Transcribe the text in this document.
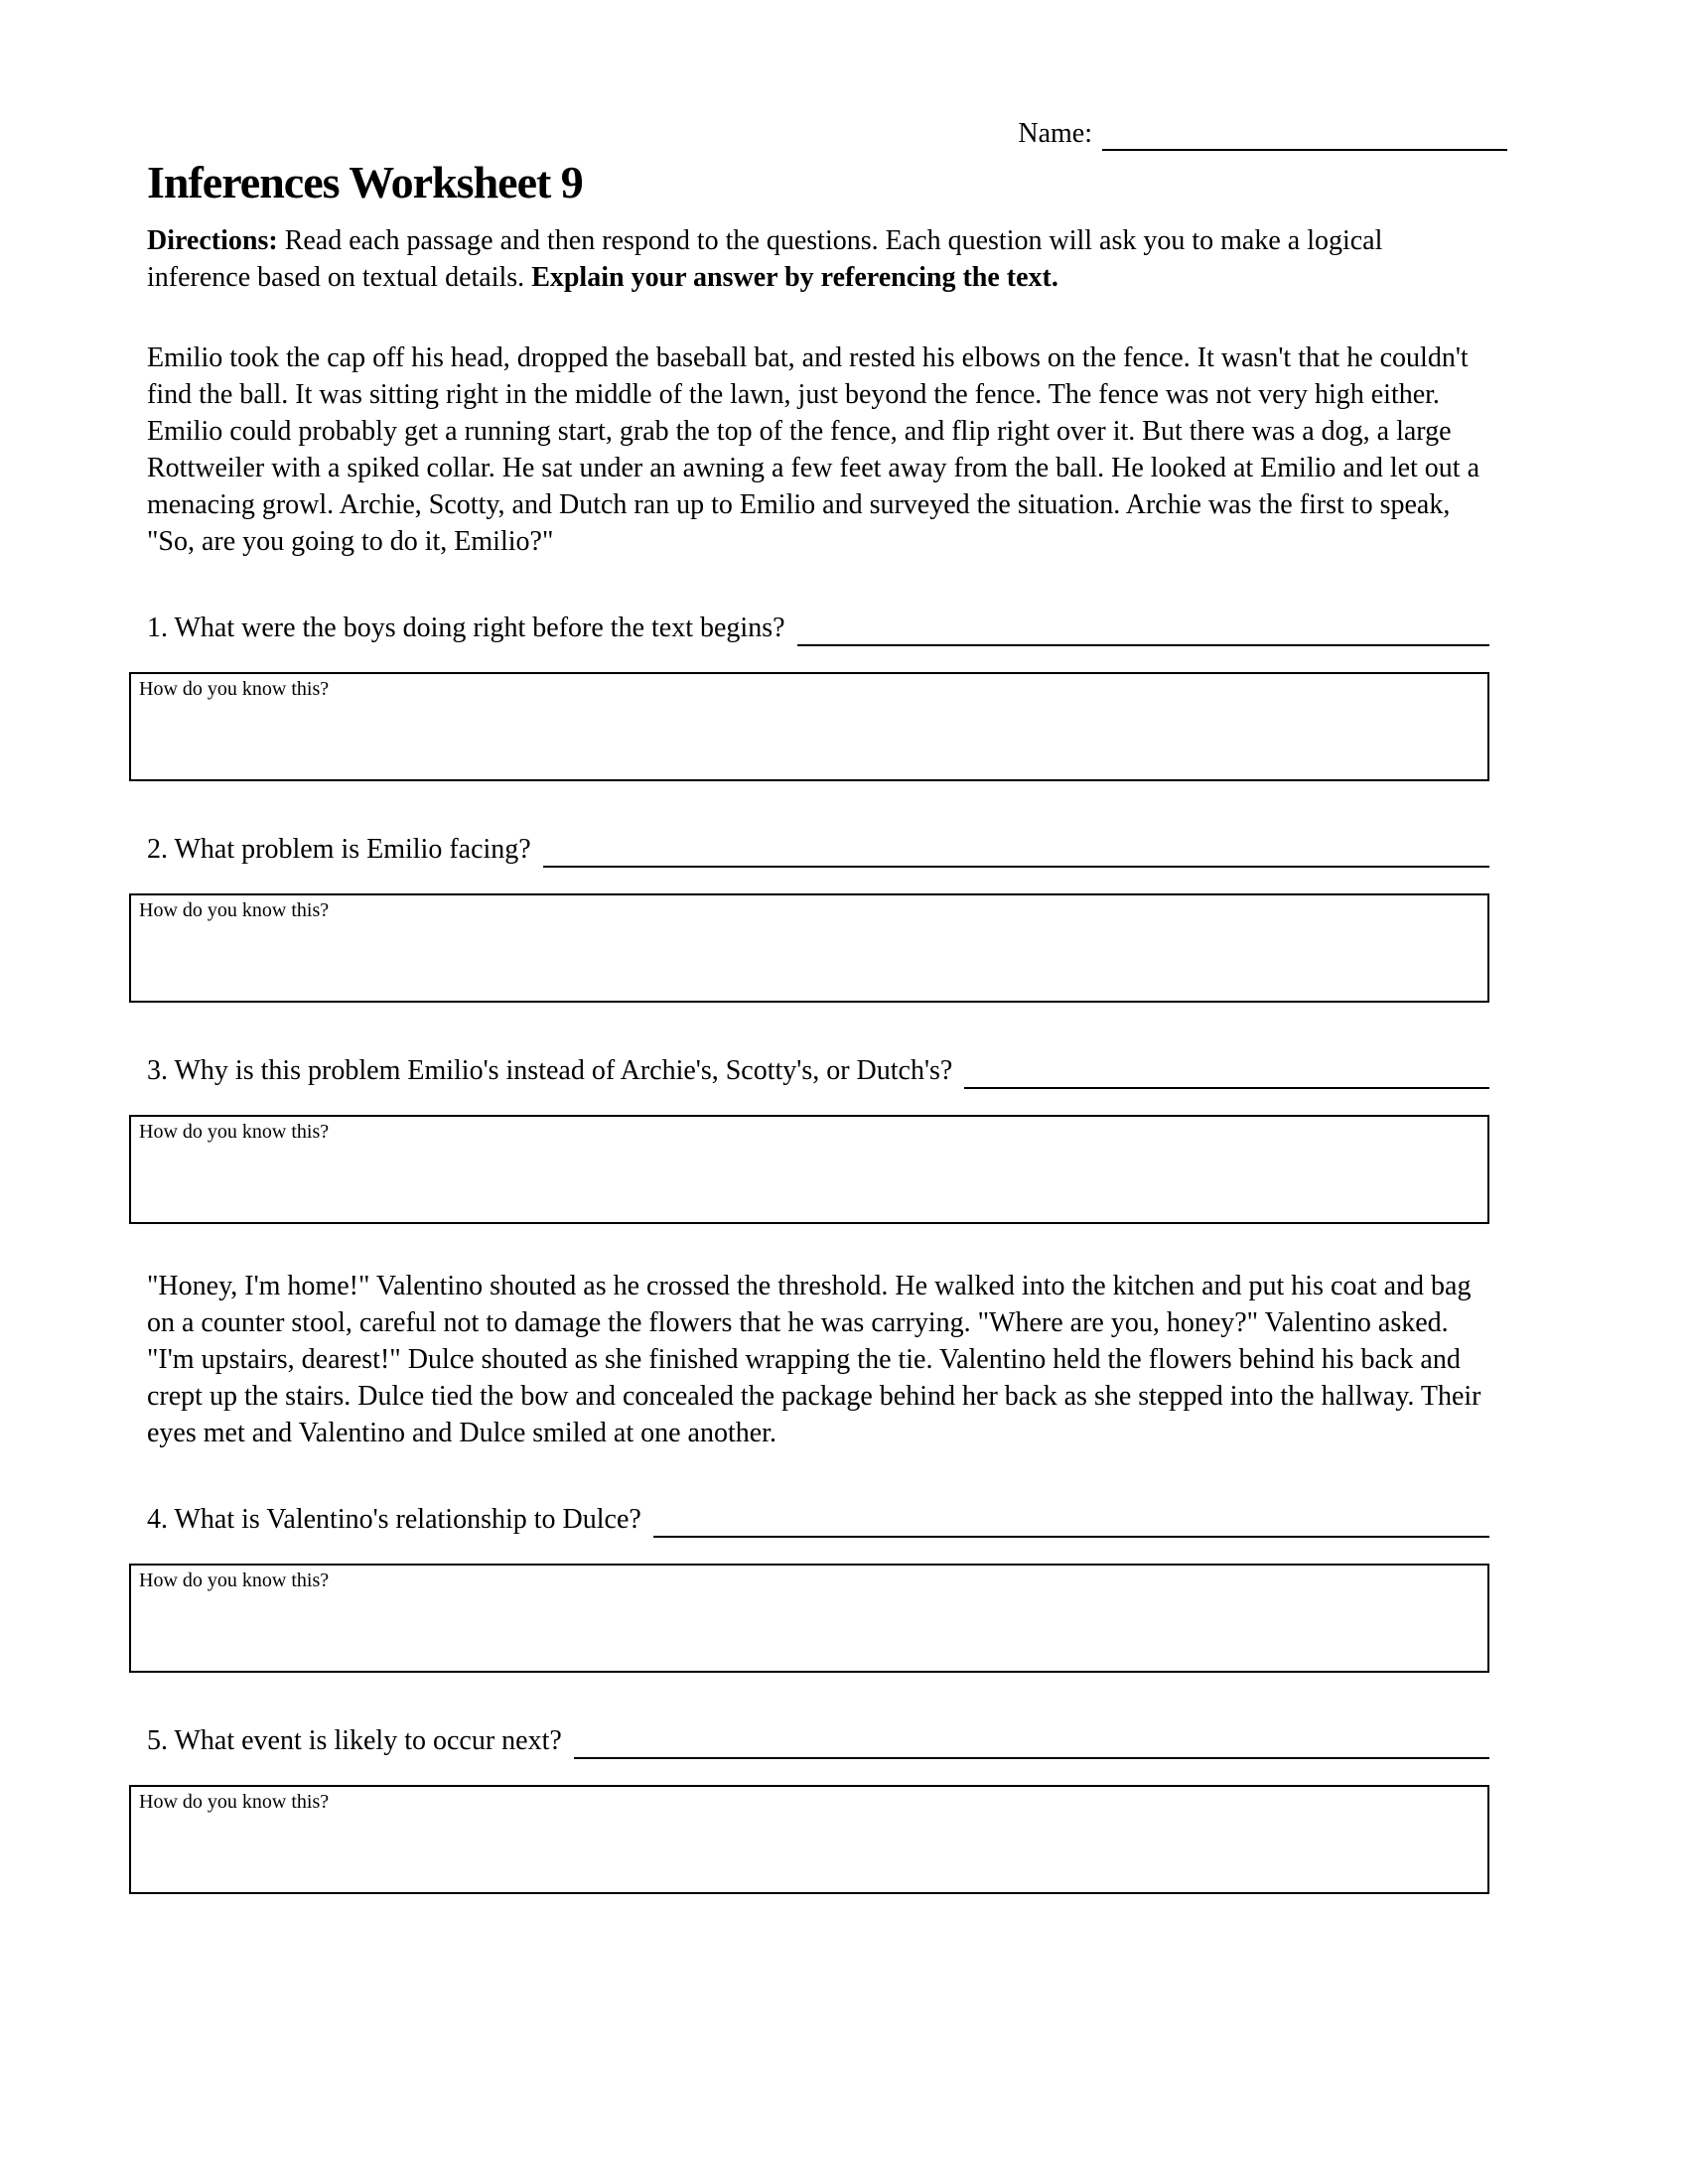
Name:
Inferences Worksheet 9

Directions: Read each passage and then respond to the questions. Each question will ask you to make a logical inference based on textual details. Explain your answer by referencing the text.

Emilio took the cap off his head, dropped the baseball bat, and rested his elbows on the fence. It wasn't that he couldn't find the ball. It was sitting right in the middle of the lawn, just beyond the fence. The fence was not very high either. Emilio could probably get a running start, grab the top of the fence, and flip right over it. But there was a dog, a large Rottweiler with a spiked collar. He sat under an awning a few feet away from the ball. He looked at Emilio and let out a menacing growl. Archie, Scotty, and Dutch ran up to Emilio and surveyed the situation. Archie was the first to speak, "So, are you going to do it, Emilio?"

1. What were the boys doing right before the text begins?
How do you know this?
2. What problem is Emilio facing?
How do you know this?
3. Why is this problem Emilio's instead of Archie's, Scotty's, or Dutch's?
How do you know this?

"Honey, I'm home!" Valentino shouted as he crossed the threshold. He walked into the kitchen and put his coat and bag on a counter stool, careful not to damage the flowers that he was carrying. "Where are you, honey?" Valentino asked. "I'm upstairs, dearest!" Dulce shouted as she finished wrapping the tie. Valentino held the flowers behind his back and crept up the stairs. Dulce tied the bow and concealed the package behind her back as she stepped into the hallway. Their eyes met and Valentino and Dulce smiled at one another.

4. What is Valentino's relationship to Dulce?
How do you know this?
5. What event is likely to occur next?
How do you know this?
